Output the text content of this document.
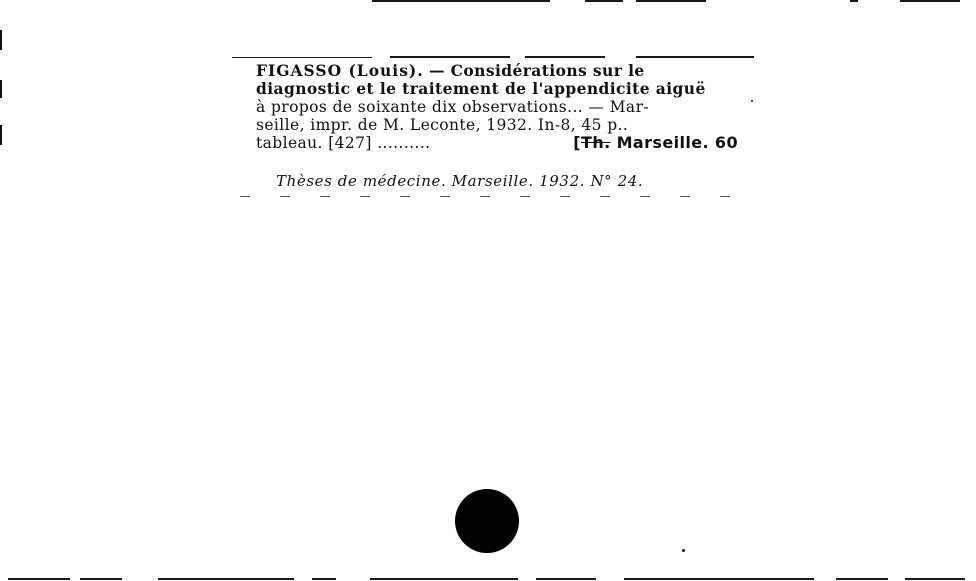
FIGASSO (Louis). — Considérations sur le
diagnostic et le traitement de l'appendicite aiguë
à propos de soixante dix observations... — Mar-
seille, impr. de M. Leconte, 1932. In-8, 45 p..
tableau. [427] ..........	[Th. Marseille. 60
Thèses de médecine. Marseille. 1932. N° 24.
